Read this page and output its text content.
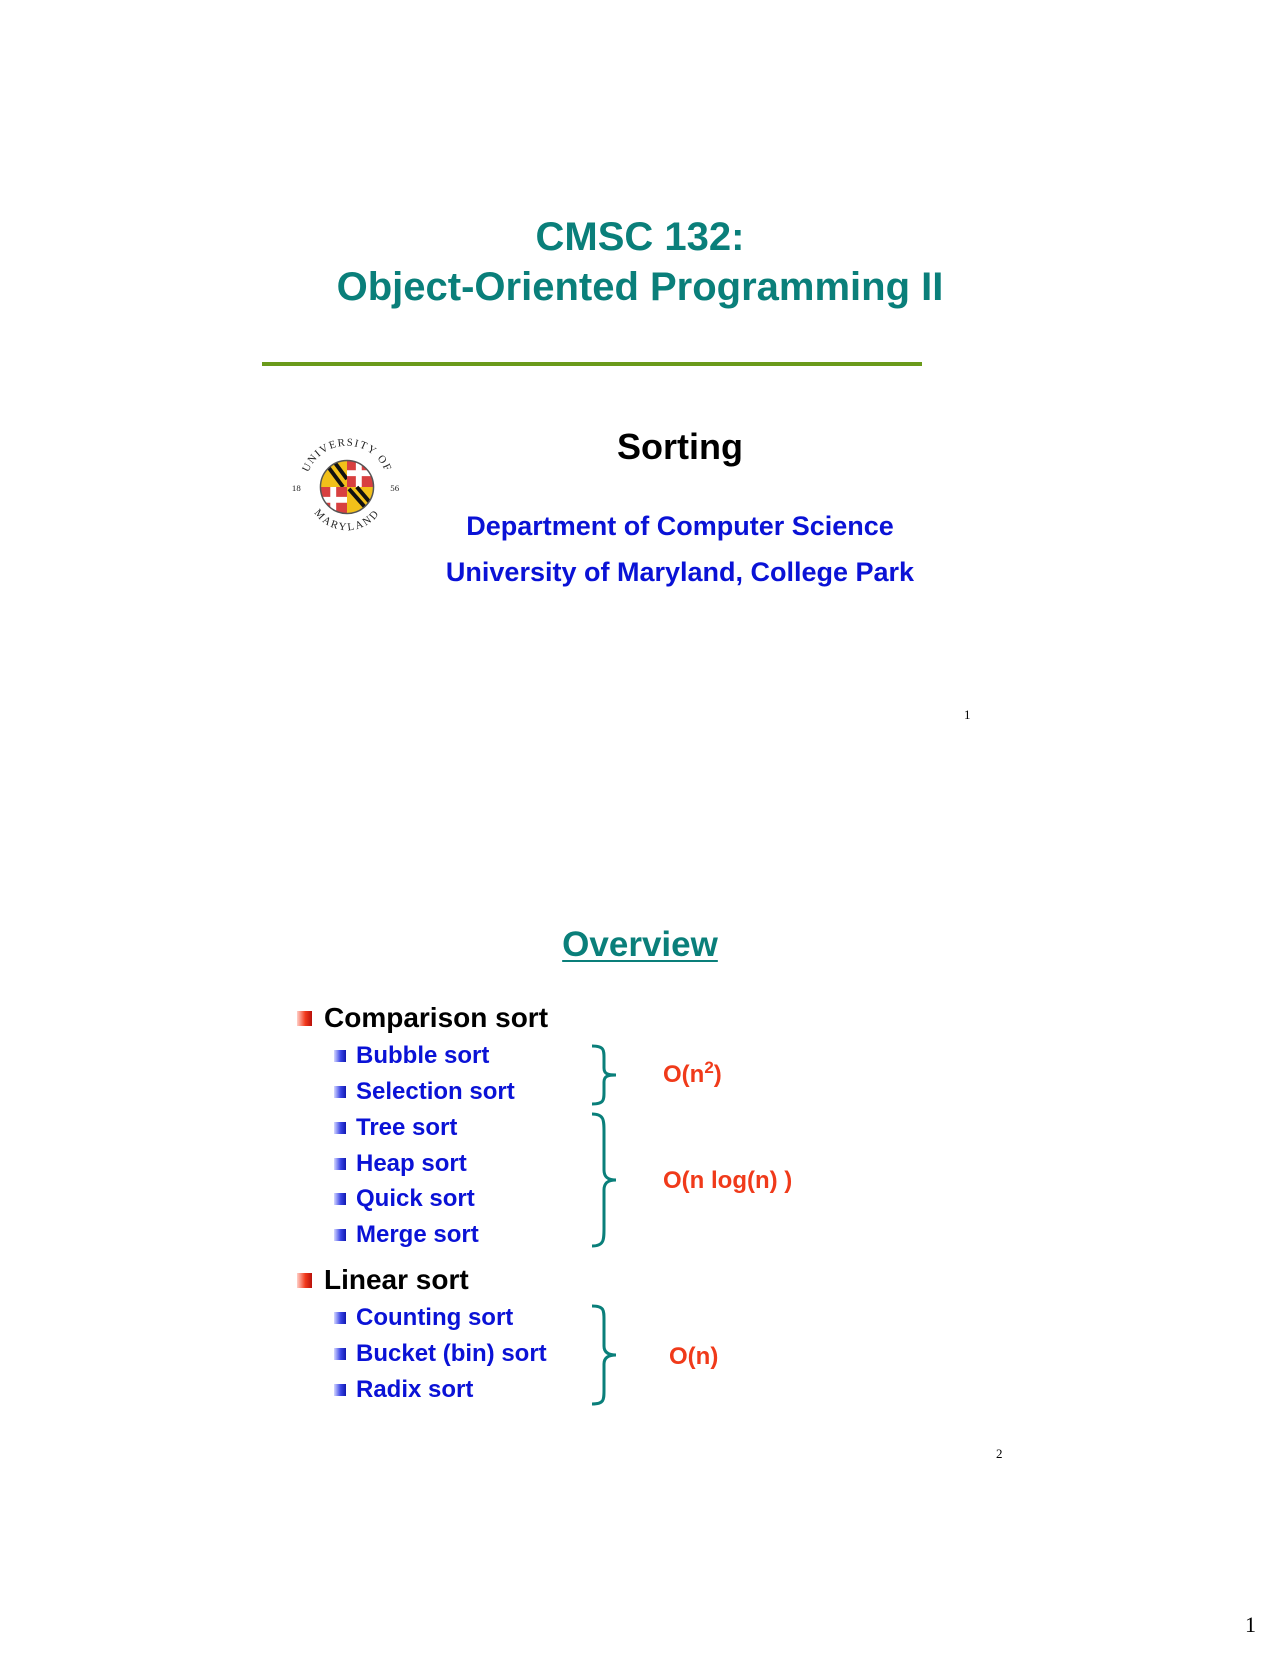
CMSC 132:
Object-Oriented Programming II
UNIVERSITY OF
MARYLAND
18	56
Sorting
Department of Computer Science
University of Maryland, College Park
1
Overview
Comparison sort
Bubble sort
Selection sort
Tree sort
Heap sort
Quick sort
Merge sort
Linear sort
Counting sort
Bucket (bin) sort
Radix sort
$O(n^2)$
O(n log(n) )
O(n)
2
1
